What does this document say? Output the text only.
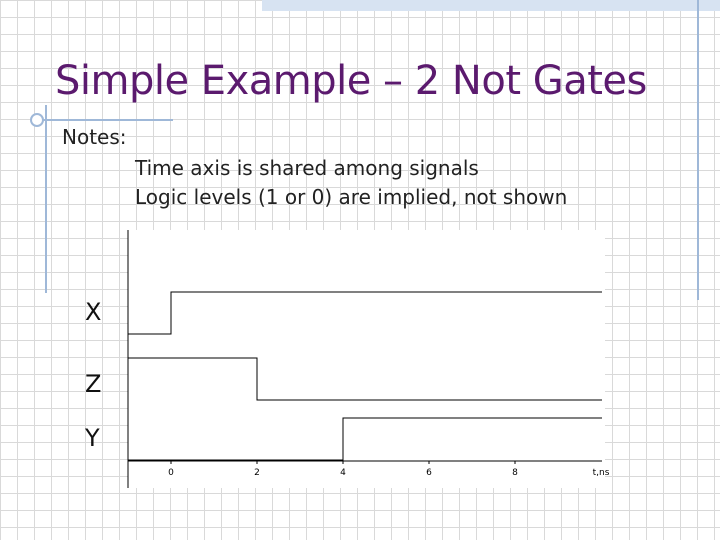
Simple Example – 2 Not Gates
Notes:
Time axis is shared among signals
Logic levels (1 or 0) are implied, not shown
X
Z
Y
0	2	4	6	8	t,ns
